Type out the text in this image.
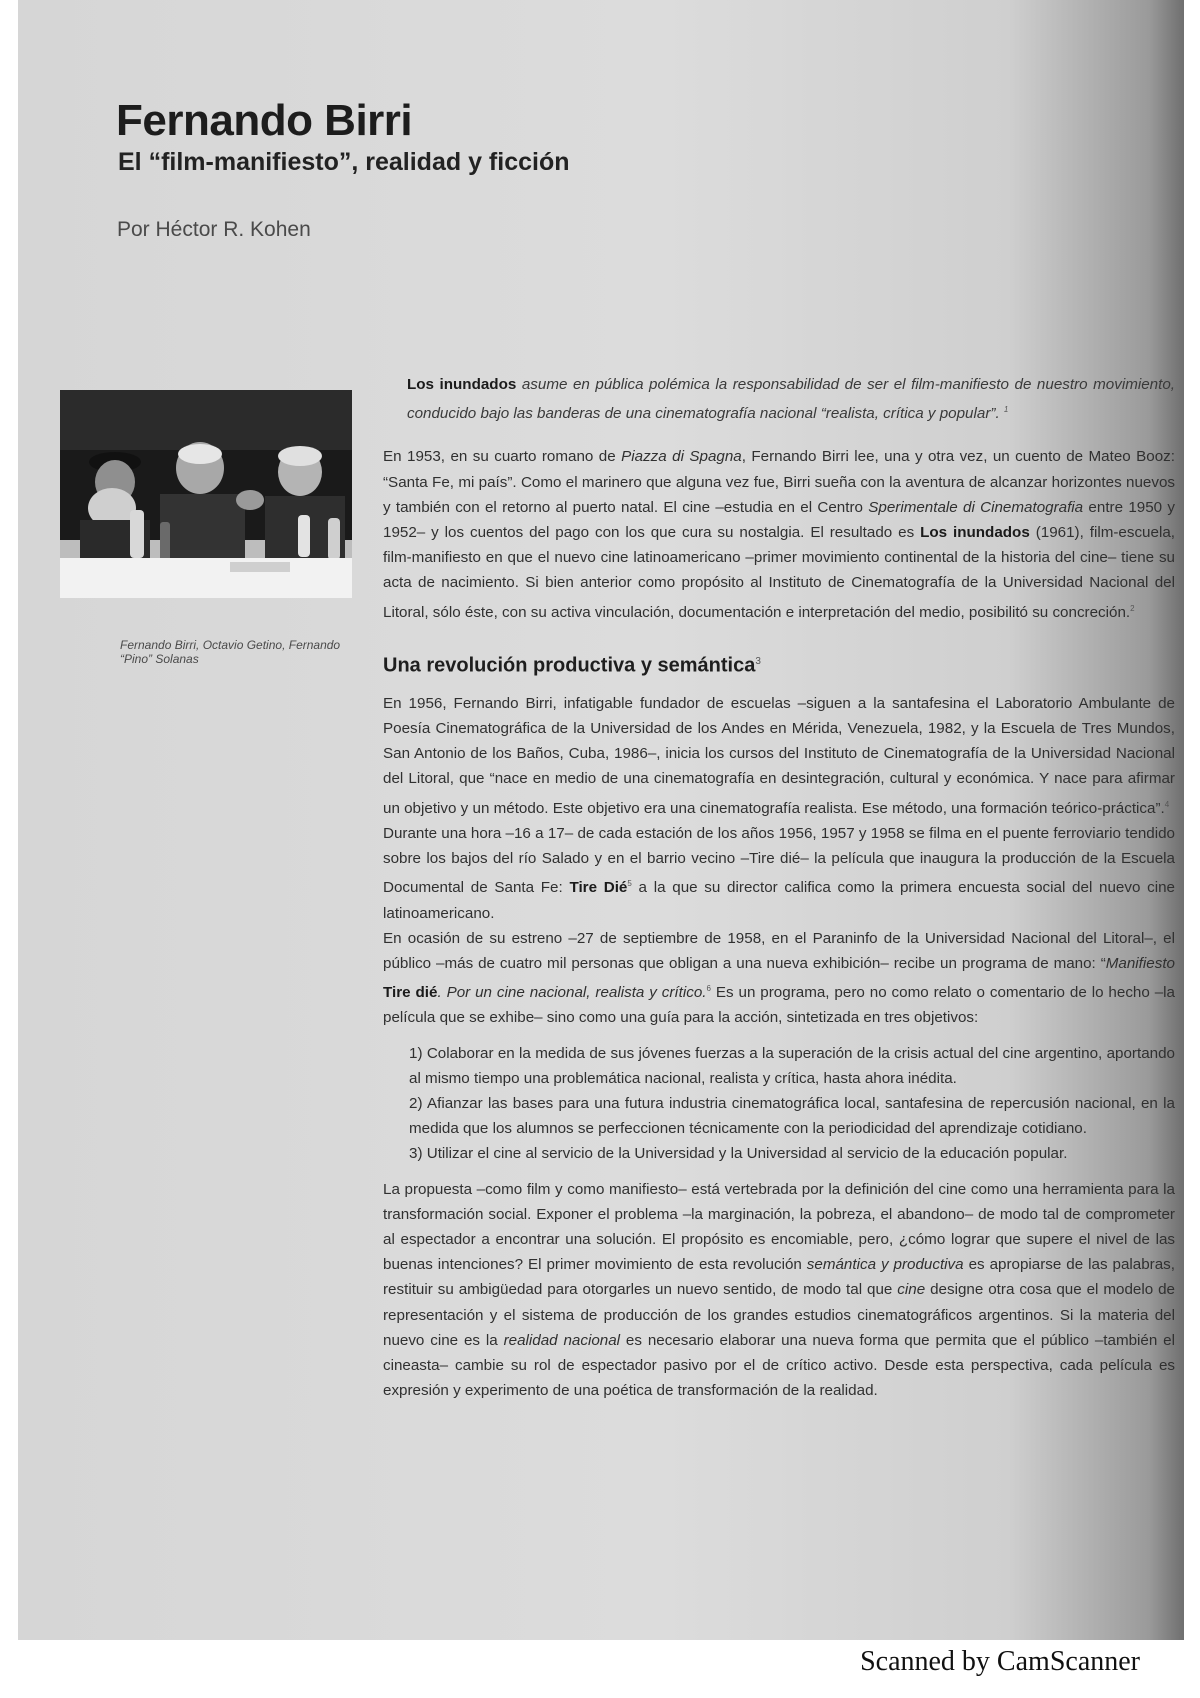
Fernando Birri
El “film-manifiesto”, realidad y ficción
Por Héctor R. Kohen
Fernando Birri, Octavio Getino, Fernando “Pino” Solanas

Los inundados asume en pública polémica la responsabilidad de ser el film-manifiesto de nuestro movimiento, conducido bajo las banderas de una cinematografía nacional “realista, crítica y popular”. $^1$

En 1953, en su cuarto romano de Piazza di Spagna, Fernando Birri lee, una y otra vez, un cuento de Mateo Booz: “Santa Fe, mi país”. Como el marinero que alguna vez fue, Birri sueña con la aventura de alcanzar horizontes nuevos y también con el retorno al puerto natal. El cine –estudia en el Centro Sperimentale di Cinematografia entre 1950 y 1952– y los cuentos del pago con los que cura su nostalgia. El resultado es Los inundados (1961), film-escuela, film-manifiesto en que el nuevo cine latinoamericano –primer movimiento continental de la historia del cine– tiene su acta de nacimiento. Si bien anterior como propósito al Instituto de Cinematografía de la Universidad Nacional del Litoral, sólo éste, con su activa vinculación, documentación e interpretación del medio, posibilitó su concreción.$^2$

Una revolución productiva y semántica$^3$

En 1956, Fernando Birri, infatigable fundador de escuelas –siguen a la santafesina el Laboratorio Ambulante de Poesía Cinematográfica de la Universidad de los Andes en Mérida, Venezuela, 1982, y la Escuela de Tres Mundos, San Antonio de los Baños, Cuba, 1986–, inicia los cursos del Instituto de Cinematografía de la Universidad Nacional del Litoral, que “nace en medio de una cinematografía en desintegración, cultural y económica. Y nace para afirmar un objetivo y un método. Este objetivo era una cinematografía realista. Ese método, una formación teórico-práctica”.$^4$

Durante una hora –16 a 17– de cada estación de los años 1956, 1957 y 1958 se filma en el puente ferroviario tendido sobre los bajos del río Salado y en el barrio vecino –Tire dié– la película que inaugura la producción de la Escuela Documental de Santa Fe: Tire Dié$^5$ a la que su director califica como la primera encuesta social del nuevo cine latinoamericano.

En ocasión de su estreno –27 de septiembre de 1958, en el Paraninfo de la Universidad Nacional del Litoral–, el público –más de cuatro mil personas que obligan a una nueva exhibición– recibe un programa de mano: “Manifiesto Tire dié. Por un cine nacional, realista y crítico.$^6$ Es un programa, pero no como relato o comentario de lo hecho –la película que se exhibe– sino como una guía para la acción, sintetizada en tres objetivos:

1) Colaborar en la medida de sus jóvenes fuerzas a la superación de la crisis actual del cine argentino, aportando al mismo tiempo una problemática nacional, realista y crítica, hasta ahora inédita.

2) Afianzar las bases para una futura industria cinematográfica local, santafesina de repercusión nacional, en la medida que los alumnos se perfeccionen técnicamente con la periodicidad del aprendizaje cotidiano.

3) Utilizar el cine al servicio de la Universidad y la Universidad al servicio de la educación popular.

La propuesta –como film y como manifiesto– está vertebrada por la definición del cine como una herramienta para la transformación social. Exponer el problema –la marginación, la pobreza, el abandono– de modo tal de comprometer al espectador a encontrar una solución. El propósito es encomiable, pero, ¿cómo lograr que supere el nivel de las buenas intenciones? El primer movimiento de esta revolución semántica y productiva es apropiarse de las palabras, restituir su ambigüedad para otorgarles un nuevo sentido, de modo tal que cine designe otra cosa que el modelo de representación y el sistema de producción de los grandes estudios cinematográficos argentinos. Si la materia del nuevo cine es la realidad nacional es necesario elaborar una nueva forma que permita que el público –también el cineasta– cambie su rol de espectador pasivo por el de crítico activo. Desde esta perspectiva, cada película es expresión y experimento de una poética de transformación de la realidad.

Scanned by CamScanner
